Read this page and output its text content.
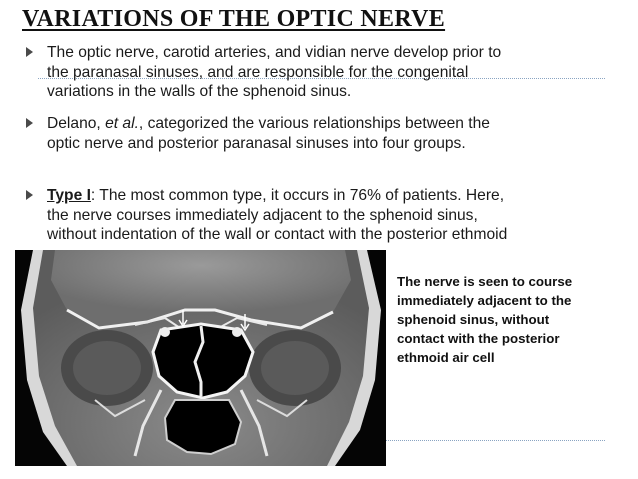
VARIATIONS OF THE OPTIC NERVE
The optic nerve, carotid arteries, and vidian nerve develop prior to
the paranasal sinuses, and are responsible for the congenital
variations in the walls of the sphenoid sinus.
Delano, et al., categorized the various relationships between the
optic nerve and posterior paranasal sinuses into four groups.
Type I: The most common type, it occurs in 76% of patients. Here,
the nerve courses immediately adjacent to the sphenoid sinus,
without indentation of the wall or contact with the posterior ethmoid
The nerve is seen to course
immediately adjacent to the
sphenoid sinus, without
contact with the posterior
ethmoid air cell
